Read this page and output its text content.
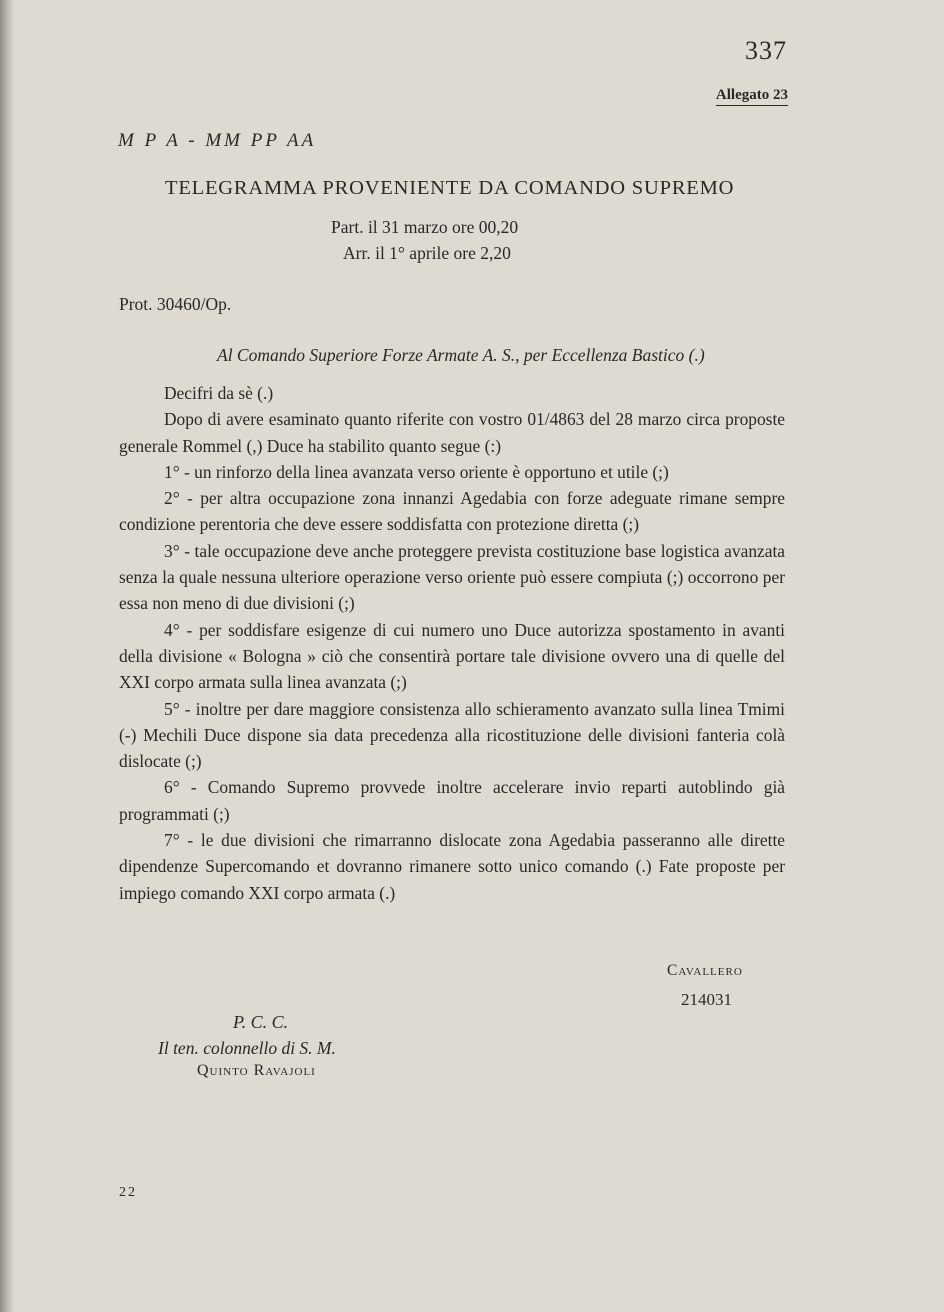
337
Allegato 23
M P A - MM PP AA
TELEGRAMMA PROVENIENTE DA COMANDO SUPREMO
Part. il 31 marzo ore 00,20
Arr. il 1° aprile ore 2,20
Prot. 30460/Op.
Al Comando Superiore Forze Armate A. S., per Eccellenza Bastico (.)

Decifri da sè (.)

Dopo di avere esaminato quanto riferite con vostro 01/4863 del 28 marzo circa proposte generale Rommel (,) Duce ha stabilito quanto segue (:)

1° - un rinforzo della linea avanzata verso oriente è opportuno et utile (;)

2° - per altra occupazione zona innanzi Agedabia con forze adeguate rimane sempre condizione perentoria che deve essere soddisfatta con protezione diretta (;)

3° - tale occupazione deve anche proteggere prevista costituzione base logistica avanzata senza la quale nessuna ulteriore operazione verso oriente può essere compiuta (;) occorrono per essa non meno di due divisioni (;)

4° - per soddisfare esigenze di cui numero uno Duce autorizza spostamento in avanti della divisione « Bologna » ciò che consentirà portare tale divisione ovvero una di quelle del XXI corpo armata sulla linea avanzata (;)

5° - inoltre per dare maggiore consistenza allo schieramento avanzato sulla linea Tmimi (-) Mechili Duce dispone sia data precedenza alla ricostituzione delle divisioni fanteria colà dislocate (;)

6° - Comando Supremo provvede inoltre accelerare invio reparti autoblindo già programmati (;)

7° - le due divisioni che rimarranno dislocate zona Agedabia passeranno alle dirette dipendenze Supercomando et dovranno rimanere sotto unico comando (.) Fate proposte per impiego comando XXI corpo armata (.)

Cavallero
214031
P. C. C.
Il ten. colonnello di S. M.
Quinto Ravajoli
22
